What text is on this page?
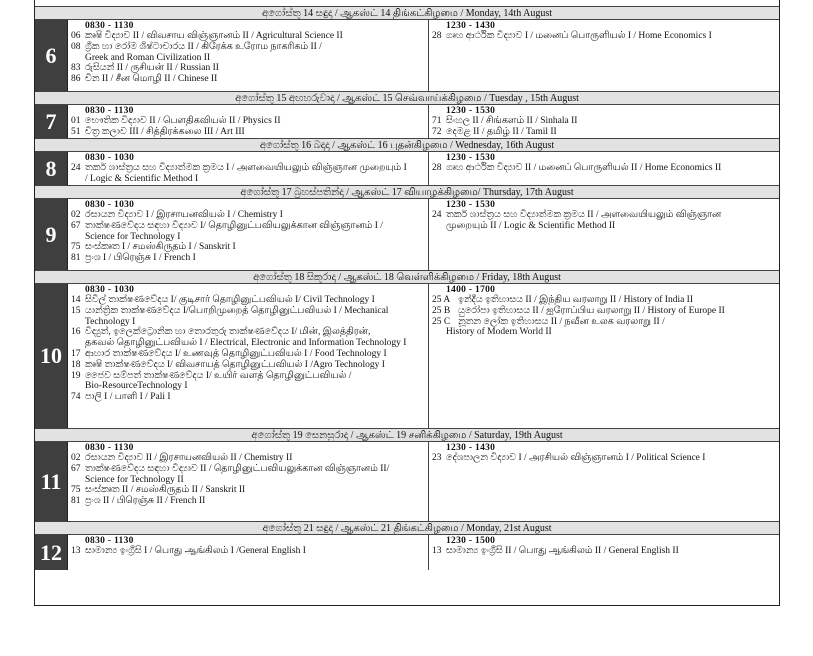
අගෝස්තු 14 සඳුදා / ஆகஸ்ட் 14 திங்கட்கிழமை / Monday, 14th August
6
0830 - 1130
06 කෘෂි විද්‍යාව II / விவசாய விஞ்ஞானம் II / Agricultural Science II
08 ග්‍රීක හා රෝම ශිෂ්ටාචාරය II / கிரேக்க உரோம நாகரிகம் II /
Greek and Roman Civilization II
83 රුසියන් II / ருசியன் II / Russian II
86 චීන II / சீன மொழி II / Chinese II
1230 - 1430
28 ගෘහ ආර්ථික විද්‍යාව I / மனைப் பொருளியல் I / Home Economics I
අගෝස්තු 15 අඟහරුවාදා / ஆகஸ்ட் 15 செவ்வாய்க்கிழமை / Tuesday , 15th August
7	0830 - 1130
01 භෞතික විද්‍යාව II / பௌதிகவியல் II / Physics II
51 චිත්‍ර කලාව III / சித்திரக்கலை III / Art III
1230 - 1530
71 සිංහල II / சிங்களம் II / Sinhala II
72 දෙමළ II / தமிழ் II / Tamil II
අගෝස්තු 16 බදාදා / ஆகஸ்ட் 16 புதன்கிழமை / Wednesday, 16th August
8	0830 - 1030
24 තර්ක ශාස්ත්‍රය සහ විද්‍යාත්මක ක්‍රමය I / அளவையியலும் விஞ்ஞான முறையும் I
/ Logic & Scientific Method I
1230 - 1530
28 ගෘහ ආර්ථික විද්‍යාව II / மனைப் பொருளியல் II / Home Economics II
අගෝස්තු 17 බ්‍රහස්පතින්දා / ஆகஸ்ட் 17 வியாழக்கிழமை/ Thursday, 17th August
9
0830 - 1030
02 රසායන විද්‍යාව I / இரசாயனவியல் I / Chemistry I
67 තාක්ෂණවේදය සඳහා විද්‍යාව I/ தொழினுட்பவியலுக்கான விஞ்ஞானம் I /
Science for Technology I
75 සංස්කෘත I / சமஸ்கிருதம் I / Sanskrit I
81 ප්‍රංශ I / பிரெஞ்சு I / French I
1230 - 1530
24 තර්ක ශාස්ත්‍රය සහ විද්‍යාත්මක ක්‍රමය II / அளவையியலும் விஞ்ஞான
முறையும் II / Logic & Scientific Method II
අගෝස්තු 18 සිකුරාදා / ஆகஸ்ட் 18 வெள்ளிக்கிழமை / Friday, 18th August
10
0830 - 1030
14 සිවිල් තාක්ෂණවේදය I/ குடிசார் தொழினுட்பவியல் I/ Civil Technology I
15 යාන්ත්‍රික තාක්ෂණවේදය I/பொறிமுறைத் தொழினுட்பவியல் I / Mechanical
Technology I
16 විද්‍යුත්, ඉලෙක්ට්‍රොනික හා තොරතුරු තාක්ෂණවේදය I/ மின், இலத்திரன்,
தகவல் தொழினுட்பவியல் I / Electrical, Electronic and Information Technology I
17 ආහාර තාක්ෂණවේදය I/ உணவுத் தொழினுட்பவியல் I / Food Technology I
18 කෘෂි තාක්ෂණවේදය I/ விவசாயத் தொழினுட்பவியல் I /Agro Technology I
19 ජෛව සම්පත් තාක්ෂණවේදය I/ உயிர் வளத் தொழினுட்பவியல் /
Bio-ResourceTechnology I
74 පාලි I / பாளி I / Pali I
1400 - 1700
25 A ඉන්දීය ඉතිහාසය II / இந்திய வரலாறு II / History of India II
25 B යුරෝපා ඉතිහාසය II / ஐரோப்பிய வரலாறு II / History of Europe II
25 C නූතන ලෝක ඉතිහාසය II / நவீன உலக வரலாறு II /
History of Modern World II
අගෝස්තු 19 සෙනසුරාදා / ஆகஸ்ட் 19 சனிக்கிழமை / Saturday, 19th August
11
0830 - 1130
02 රසායන විද්‍යාව II / இரசாயனவியல் II / Chemistry II
67 තාක්ෂණවේදය සඳහා විද්‍යාව II / தொழினுட்பவியலுக்கான விஞ்ஞானம் II/
Science for Technology II
75 සංස්කෘත II / சமஸ்கிருதம் II / Sanskrit II
81 ප්‍රංශ II / பிரெஞ்சு II / French II
1230 - 1430
23 දේශපාලන විද්‍යාව I / அரசியல் விஞ்ஞானம் I / Political Science I
අගෝස්තු 21 සඳුදා / ஆகஸ்ட் 21 திங்கட்கிழமை / Monday, 21st August
12	0830 - 1130
13 සාමාන්‍ය ඉංග්‍රීසි I / பொது ஆங்கிலம் I /General English I
1230 - 1500
13 සාමාන්‍ය ඉංග්‍රීසි II / பொது ஆங்கிலம் II / General English II
